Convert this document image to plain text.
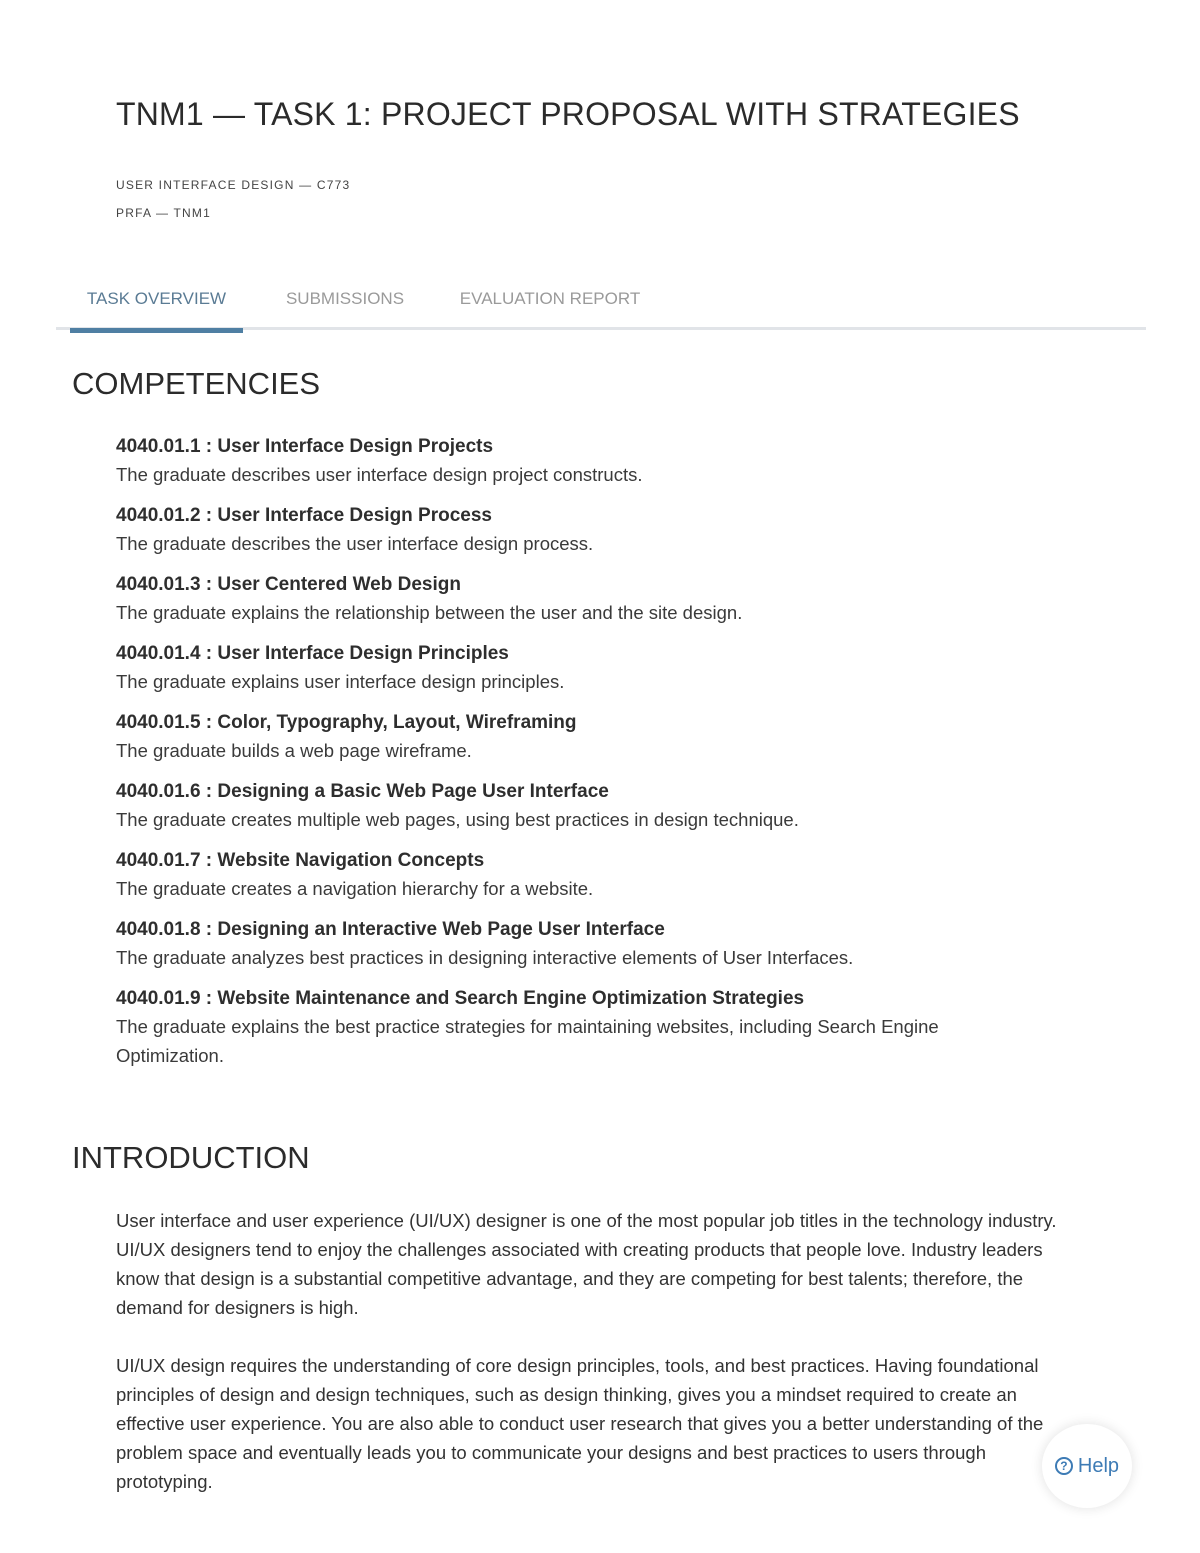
TNM1 — TASK 1: PROJECT PROPOSAL WITH STRATEGIES
USER INTERFACE DESIGN — C773
PRFA — TNM1
TASK OVERVIEW	SUBMISSIONS	EVALUATION REPORT
COMPETENCIES
4040.01.1 : User Interface Design Projects
The graduate describes user interface design project constructs.
4040.01.2 : User Interface Design Process
The graduate describes the user interface design process.
4040.01.3 : User Centered Web Design
The graduate explains the relationship between the user and the site design.
4040.01.4 : User Interface Design Principles
The graduate explains user interface design principles.
4040.01.5 : Color, Typography, Layout, Wireframing
The graduate builds a web page wireframe.
4040.01.6 : Designing a Basic Web Page User Interface
The graduate creates multiple web pages, using best practices in design technique.
4040.01.7 : Website Navigation Concepts
The graduate creates a navigation hierarchy for a website.
4040.01.8 : Designing an Interactive Web Page User Interface
The graduate analyzes best practices in designing interactive elements of User Interfaces.
4040.01.9 : Website Maintenance and Search Engine Optimization Strategies
The graduate explains the best practice strategies for maintaining websites, including Search Engine Optimization.
INTRODUCTION

User interface and user experience (UI/UX) designer is one of the most popular job titles in the technology industry. UI/UX designers tend to enjoy the challenges associated with creating products that people love. Industry leaders know that design is a substantial competitive advantage, and they are competing for best talents; therefore, the demand for designers is high.

UI/UX design requires the understanding of core design principles, tools, and best practices. Having foundational principles of design and design techniques, such as design thinking, gives you a mindset required to create an effective user experience. You are also able to conduct user research that gives you a better understanding of the problem space and eventually leads you to communicate your designs and best practices to users through prototyping.

? Help
